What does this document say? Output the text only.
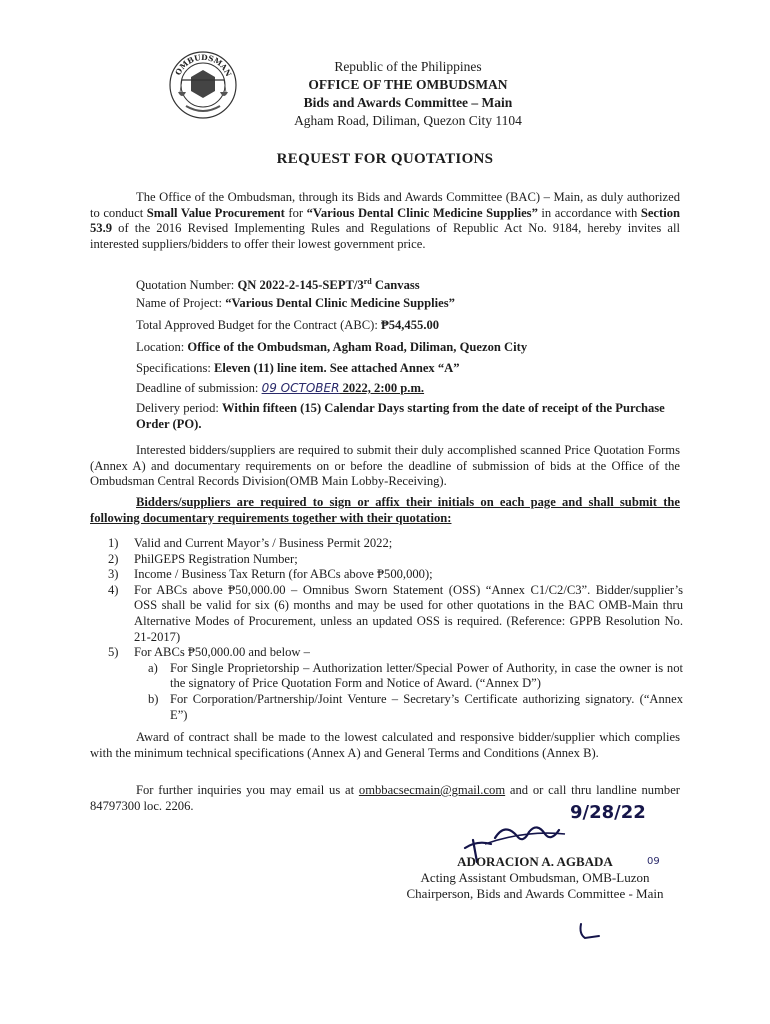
OMBUDSMAN	Republic of the Philippines
OFFICE OF THE OMBUDSMAN
Bids and Awards Committee – Main
Agham Road, Diliman, Quezon City 1104
REQUEST FOR QUOTATIONS
The Office of the Ombudsman, through its Bids and Awards Committee (BAC) – Main, as duly authorized to conduct Small Value Procurement for “Various Dental Clinic Medicine Supplies” in accordance with Section 53.9 of the 2016 Revised Implementing Rules and Regulations of Republic Act No. 9184, hereby invites all interested suppliers/bidders to offer their lowest government price.
Quotation Number: QN 2022-2-145-SEPT/3rd Canvass
Name of Project: “Various Dental Clinic Medicine Supplies”
Total Approved Budget for the Contract (ABC): ₱54,455.00
Location: Office of the Ombudsman, Agham Road, Diliman, Quezon City
Specifications: Eleven (11) line item. See attached Annex “A”
Deadline of submission: 09 OCTOBER 2022, 2:00 p.m.
Delivery period: Within fifteen (15) Calendar Days starting from the date of receipt of the Purchase Order (PO).
Interested bidders/suppliers are required to submit their duly accomplished scanned Price Quotation Forms (Annex A) and documentary requirements on or before the deadline of submission of bids at the Office of the Ombudsman Central Records Division(OMB Main Lobby-Receiving).
Bidders/suppliers are required to sign or affix their initials on each page and shall submit the following documentary requirements together with their quotation:
1) Valid and Current Mayor’s / Business Permit 2022;
2) PhilGEPS Registration Number;
3) Income / Business Tax Return (for ABCs above ₱500,000);
4) For ABCs above ₱50,000.00 – Omnibus Sworn Statement (OSS) “Annex C1/C2/C3”. Bidder/supplier’s OSS shall be valid for six (6) months and may be used for other quotations in the BAC OMB-Main thru Alternative Modes of Procurement, unless an updated OSS is required. (Reference: GPPB Resolution No. 21-2017)
5) For ABCs ₱50,000.00 and below –
a) For Single Proprietorship – Authorization letter/Special Power of Authority, in case the owner is not the signatory of Price Quotation Form and Notice of Award. (“Annex D”)
b) For Corporation/Partnership/Joint Venture – Secretary’s Certificate authorizing signatory. (“Annex E”)
Award of contract shall be made to the lowest calculated and responsive bidder/supplier which complies with the minimum technical specifications (Annex A) and General Terms and Conditions (Annex B).
For further inquiries you may email us at ombbacsecmain@gmail.com and or call thru landline number 84797300 loc. 2206.	9/28/22
09
ADORACION A. AGBADA
Acting Assistant Ombudsman, OMB-Luzon
Chairperson, Bids and Awards Committee - Main
